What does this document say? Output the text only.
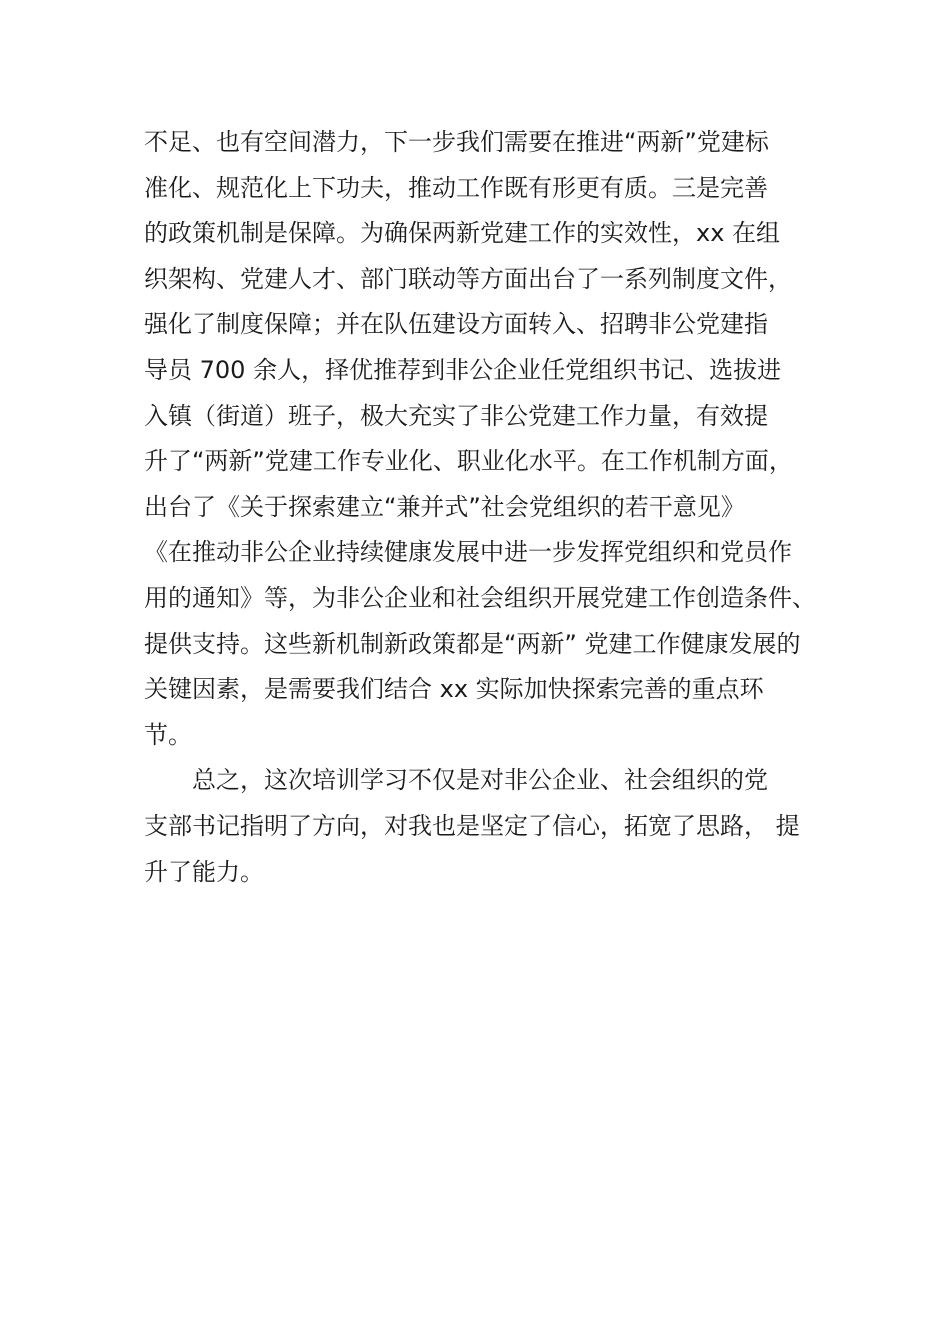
不足、也有空间潜力，下一步我们需要在推进“两新”党建标
准化、规范化上下功夫，推动工作既有形更有质。三是完善
的政策机制是保障。为确保两新党建工作的实效性，xx 在组
织架构、党建人才、部门联动等方面出台了一系列制度文件，
强化了制度保障；并在队伍建设方面转入、招聘非公党建指
导员 700 余人，择优推荐到非公企业任党组织书记、选拔进
入镇（街道）班子，极大充实了非公党建工作力量，有效提
升了“两新”党建工作专业化、职业化水平。在工作机制方面，
出台了《关于探索建立“兼并式”社会党组织的若干意见》
《在推动非公企业持续健康发展中进一步发挥党组织和党员作
用的通知》等，为非公企业和社会组织开展党建工作创造条件、
提供支持。这些新机制新政策都是“两新” 党建工作健康发展的
关键因素，是需要我们结合 xx 实际加快探索完善的重点环
节。
总之，这次培训学习不仅是对非公企业、社会组织的党
支部书记指明了方向，对我也是坚定了信心，拓宽了思路， 提
升了能力。
